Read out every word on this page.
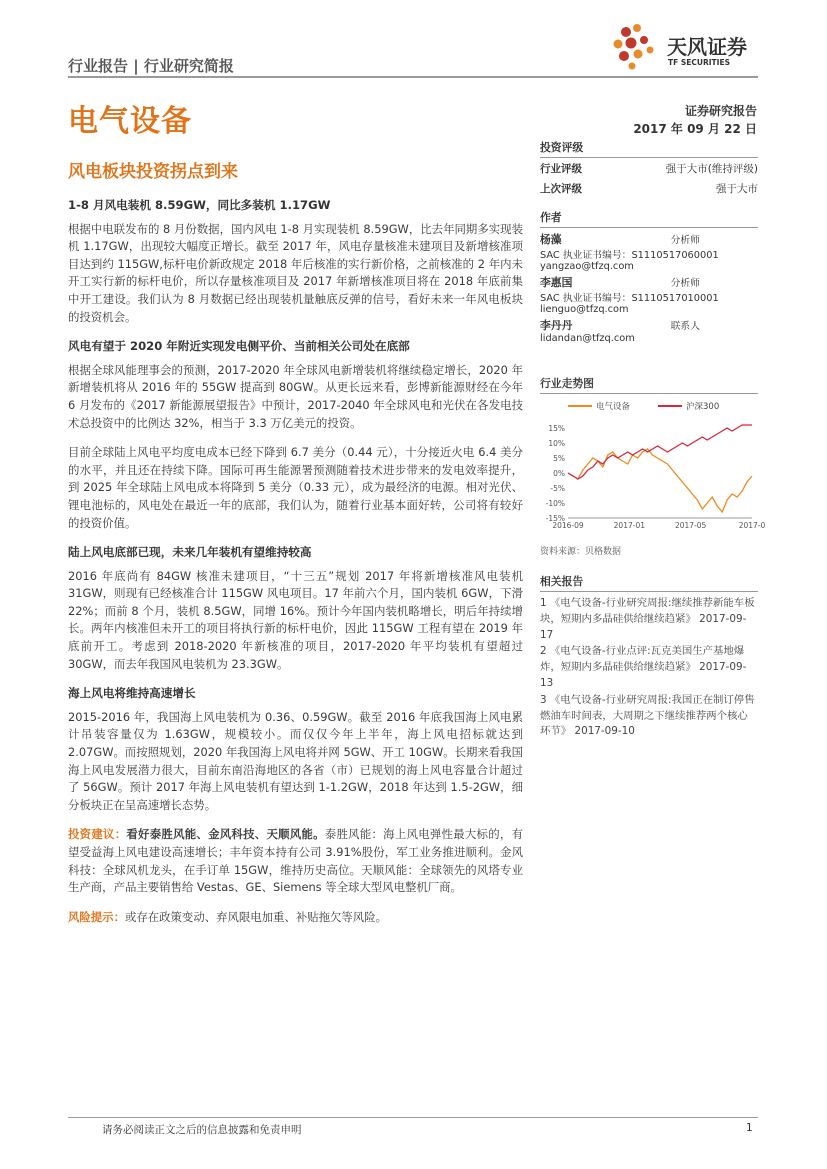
行业报告 | 行业研究简报
天风证券
TF SECURITIES
电气设备	证券研究报告
2017 年 09 月 22 日
风电板块投资拐点到来
1-8 月风电装机 8.59GW，同比多装机 1.17GW

根据中电联发布的 8 月份数据，国内风电 1-8 月实现装机 8.59GW，比去年同期多实现装机 1.17GW，出现较大幅度正增长。截至 2017 年，风电存量核准未建项目及新增核准项目达到约 115GW,标杆电价新政规定 2018 年后核准的实行新价格，之前核准的 2 年内未开工实行新的标杆电价，所以存量核准项目及 2017 年新增核准项目将在 2018 年底前集中开工建设。我们认为 8 月数据已经出现装机量触底反弹的信号，看好未来一年风电板块的投资机会。

风电有望于 2020 年附近实现发电侧平价、当前相关公司处在底部

根据全球风能理事会的预测，2017-2020 年全球风电新增装机将继续稳定增长，2020 年新增装机将从 2016 年的 55GW 提高到 80GW。从更长远来看，彭博新能源财经在今年 6 月发布的《2017 新能源展望报告》中预计，2017-2040 年全球风电和光伏在各发电技术总投资中的比例达 32%，相当于 3.3 万亿美元的投资。

目前全球陆上风电平均度电成本已经下降到 6.7 美分（0.44 元），十分接近火电 6.4 美分的水平，并且还在持续下降。国际可再生能源署预测随着技术进步带来的发电效率提升，到 2025 年全球陆上风电成本将降到 5 美分（0.33 元），成为最经济的电源。相对光伏、锂电池标的，风电处在最近一年的底部，我们认为，随着行业基本面好转，公司将有较好的投资价值。

陆上风电底部已现，未来几年装机有望维持较高

2016 年底尚有 84GW 核准未建项目，“十三五”规划 2017 年将新增核准风电装机 31GW，则现有已经核准合计 115GW 风电项目。17 年前六个月，国内装机 6GW，下滑 22%；而前 8 个月，装机 8.5GW，同增 16%。预计今年国内装机略增长，明后年持续增长。两年内核准但未开工的项目将执行新的标杆电价，因此 115GW 工程有望在 2019 年底前开工。考虑到 2018-2020 年新核准的项目，2017-2020 年平均装机有望超过 30GW，而去年我国风电装机为 23.3GW。

海上风电将维持高速增长

2015-2016 年，我国海上风电装机为 0.36、0.59GW。截至 2016 年底我国海上风电累计吊装容量仅为 1.63GW，规模较小。而仅仅今年上半年，海上风电招标就达到 2.07GW。而按照规划，2020 年我国海上风电将并网 5GW、开工 10GW。长期来看我国海上风电发展潜力很大，目前东南沿海地区的各省（市）已规划的海上风电容量合计超过了 56GW。预计 2017 年海上风电装机有望达到 1-1.2GW，2018 年达到 1.5-2GW，细分板块正在呈高速增长态势。

投资建议：看好泰胜风能、金风科技、天顺风能。泰胜风能：海上风电弹性最大标的，有望受益海上风电建设高速增长；丰年资本持有公司 3.91%股份，军工业务推进顺利。金风科技：全球风机龙头，在手订单 15GW，维持历史高位。天顺风能：全球领先的风塔专业生产商，产品主要销售给 Vestas、GE、Siemens 等全球大型风电整机厂商。

风险提示：或存在政策变动、弃风限电加重、补贴拖欠等风险。

投资评级
行业评级	强于大市(维持评级)
上次评级	强于大市
作者
杨藻	分析师
SAC 执业证书编号：S1110517060001
yangzao@tfzq.com
李惠国	分析师
SAC 执业证书编号：S1110517010001
lienguo@tfzq.com
李丹丹	联系人
lidandan@tfzq.com
行业走势图
电气设备	沪深300
15%
10%
5%
0%
-5%
-10%
-15%
2016-09	2017-01	2017-05	2017-0
资料来源：贝格数据
相关报告
1 《电气设备-行业研究周报:继续推荐新能车板块，短期内多晶硅供给继续趋紧》 2017-09-17
2 《电气设备-行业点评:瓦克美国生产基地爆炸，短期内多晶硅供给继续趋紧》 2017-09-13
3 《电气设备-行业研究周报:我国正在制订停售燃油车时间表，大周期之下继续推荐两个核心环节》 2017-09-10
请务必阅读正文之后的信息披露和免责申明	1
